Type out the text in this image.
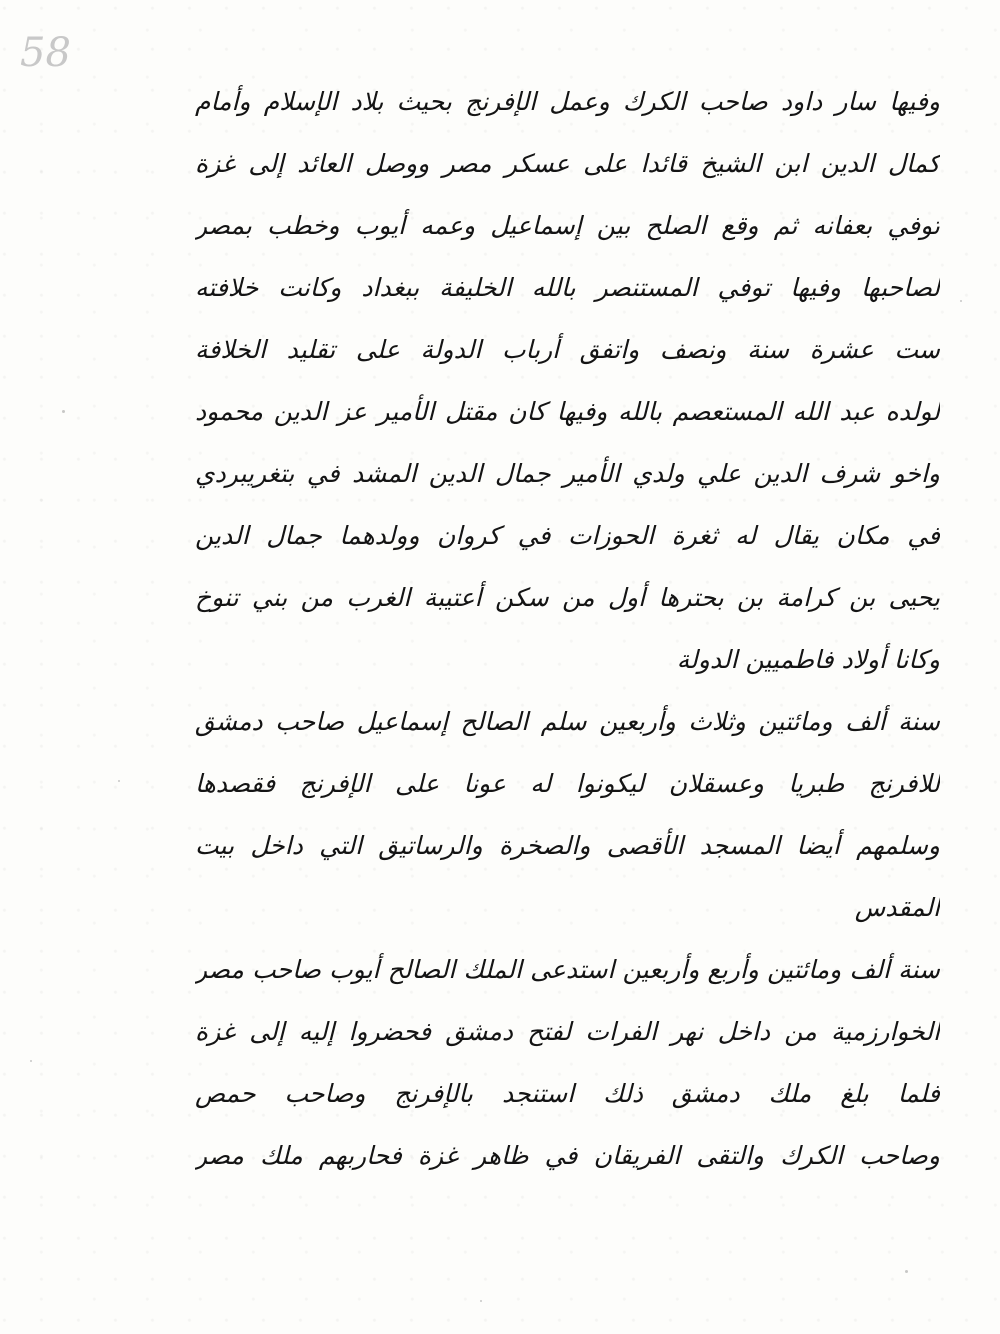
58
وفيها سار داود صاحب الكرك وعمل الإفرنج بحيث بلاد الإسلام وأمام
كمال الدين ابن الشيخ قائدا على عسكر مصر ووصل العائد إلى غزة
توفي بعفانه ثم وقع الصلح بين إسماعيل وعمه أيوب وخطب بمصر
لصاحبها وفيها توفي المستنصر بالله الخليفة ببغداد وكانت خلافته
ست عشرة سنة ونصف واتفق أرباب الدولة على تقليد الخلافة
لولده عبد الله المستعصم بالله وفيها كان مقتل الأمير عز الدين محمود
واخو شرف الدين علي ولدي الأمير جمال الدين المشد في بتغريبردي
في مكان يقال له ثغرة الحوزات في كروان وولدهما جمال الدين
يحيى بن كرامة بن بحترها أول من سكن أعتيبة الغرب من بني تنوخ
وكانا أولاد فاطميين الدولة
سنة ألف ومائتين وثلاث وأربعين سلم الصالح إسماعيل صاحب دمشق
للافرنج طبريا وعسقلان ليكونوا له عونا على الإفرنج فقصدها
وسلمهم أيضا المسجد الأقصى والصخرة والرساتيق التي داخل بيت
المقدس
سنة ألف ومائتين وأربع وأربعين استدعى الملك الصالح أيوب صاحب مصر
الخوارزمية من داخل نهر الفرات لفتح دمشق فحضروا إليه إلى غزة
فلما بلغ ملك دمشق ذلك استنجد بالإفرنج وصاحب حمص
وصاحب الكرك والتقى الفريقان في ظاهر غزة فحاربهم ملك مصر
